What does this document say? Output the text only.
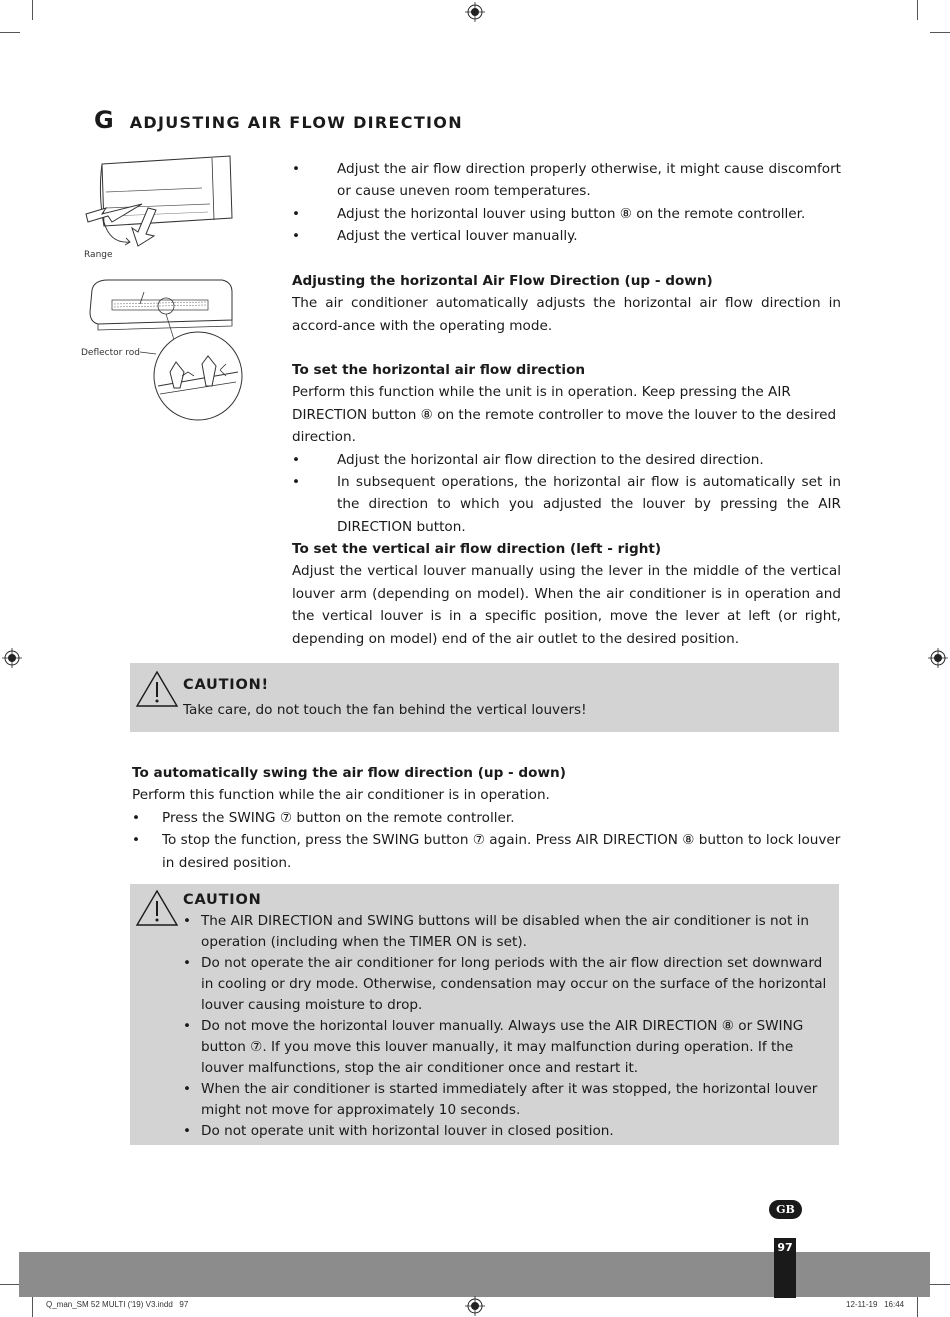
G ADJUSTING AIR FLOW DIRECTION
Range
Deflector rod
•	Adjust the air flow direction properly otherwise, it might cause discomfort or cause uneven room temperatures.
•	Adjust the horizontal louver using button ⑧ on the remote controller.
•	Adjust the vertical louver manually.

Adjusting the horizontal Air Flow Direction (up - down)

The air conditioner automatically adjusts the horizontal air flow direction in accord-ance with the operating mode.

To set the horizontal air flow direction

Perform this function while the unit is in operation. Keep pressing the AIR DIRECTION button ⑧ on the remote controller to move the louver to the desired direction.

•	Adjust the horizontal air flow direction to the desired direction.
•	In subsequent operations, the horizontal air flow is automatically set in the direction to which you adjusted the louver by pressing the AIR DIRECTION button.

To set the vertical air flow direction (left - right)

Adjust the vertical louver manually using the lever in the middle of the vertical louver arm (depending on model). When the air conditioner is in operation and the vertical louver is in a specific position, move the lever at left (or right, depending on model) end of the air outlet to the desired position.

CAUTION!
Take care, do not touch the fan behind the vertical louvers!

To automatically swing the air flow direction (up - down)

Perform this function while the air conditioner is in operation.

•	Press the SWING ⑦ button on the remote controller.
•	To stop the function, press the SWING button ⑦ again. Press AIR DIRECTION ⑧ button to lock louver in desired position.
CAUTION
• The AIR DIRECTION and SWING buttons will be disabled when the air conditioner is not in operation (including when the TIMER ON is set).
• Do not operate the air conditioner for long periods with the air flow direction set downward in cooling or dry mode. Otherwise, condensation may occur on the surface of the horizontal louver causing moisture to drop.
• Do not move the horizontal louver manually. Always use the AIR DIRECTION ⑧ or SWING button ⑦. If you move this louver manually, it may malfunction during operation. If the louver malfunctions, stop the air conditioner once and restart it.
• When the air conditioner is started immediately after it was stopped, the horizontal louver might not move for approximately 10 seconds.
• Do not operate unit with horizontal louver in closed position.
GB
97
Q_man_SM 52 MULTI ('19) V3.indd   97	12-11-19   16:44
